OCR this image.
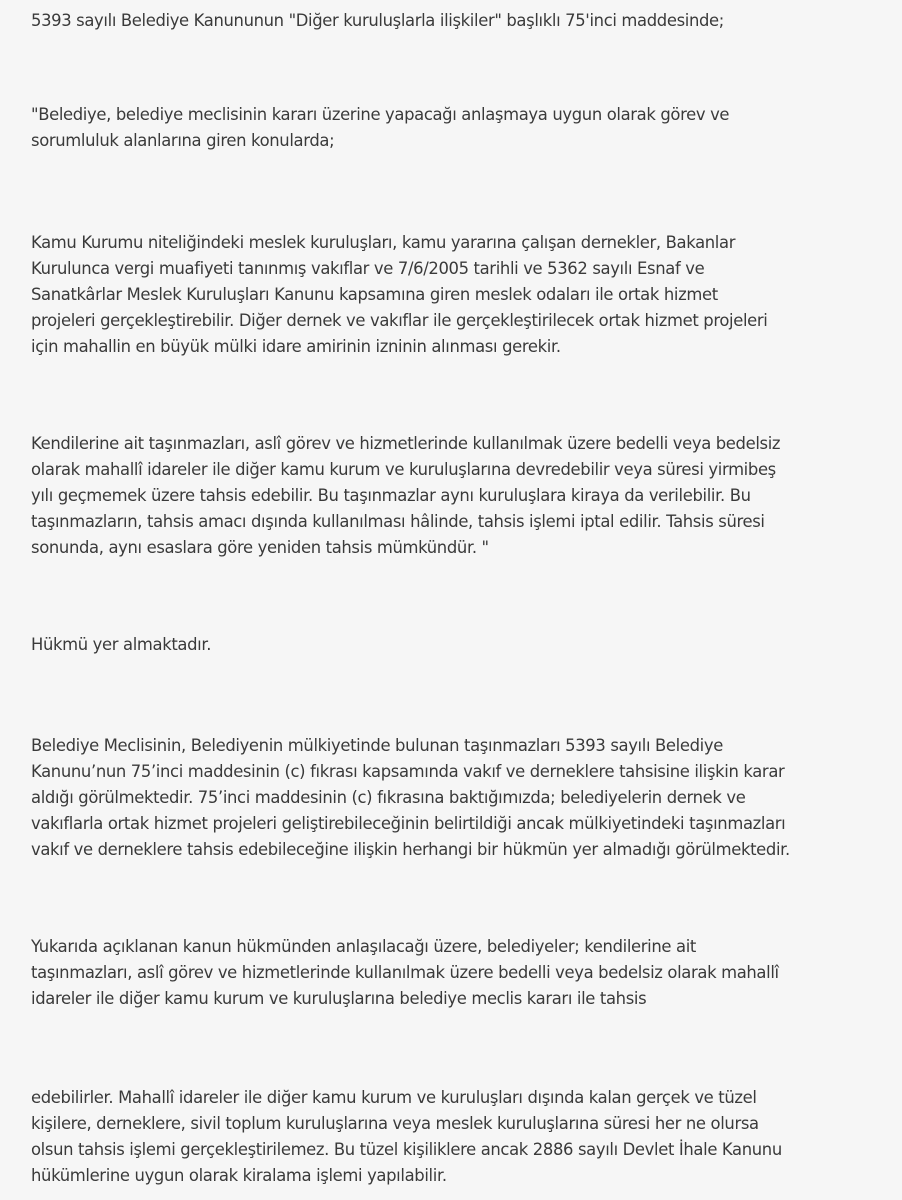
5393 sayılı Belediye Kanununun "Diğer kuruluşlarla ilişkiler" başlıklı 75'inci maddesinde;

"Belediye, belediye meclisinin kararı üzerine yapacağı anlaşmaya uygun olarak görev ve
sorumluluk alanlarına giren konularda;

Kamu Kurumu niteliğindeki meslek kuruluşları, kamu yararına çalışan dernekler, Bakanlar
Kurulunca vergi muafiyeti tanınmış vakıflar ve 7/6/2005 tarihli ve 5362 sayılı Esnaf ve
Sanatkârlar Meslek Kuruluşları Kanunu kapsamına giren meslek odaları ile ortak hizmet
projeleri gerçekleştirebilir. Diğer dernek ve vakıflar ile gerçekleştirilecek ortak hizmet projeleri
için mahallin en büyük mülki idare amirinin izninin alınması gerekir.

Kendilerine ait taşınmazları, aslî görev ve hizmetlerinde kullanılmak üzere bedelli veya bedelsiz
olarak mahallî idareler ile diğer kamu kurum ve kuruluşlarına devredebilir veya süresi yirmibeş
yılı geçmemek üzere tahsis edebilir. Bu taşınmazlar aynı kuruluşlara kiraya da verilebilir. Bu
taşınmazların, tahsis amacı dışında kullanılması hâlinde, tahsis işlemi iptal edilir. Tahsis süresi
sonunda, aynı esaslara göre yeniden tahsis mümkündür. "

Hükmü yer almaktadır.

Belediye Meclisinin, Belediyenin mülkiyetinde bulunan taşınmazları 5393 sayılı Belediye
Kanunu’nun 75’inci maddesinin (c) fıkrası kapsamında vakıf ve derneklere tahsisine ilişkin karar
aldığı görülmektedir. 75’inci maddesinin (c) fıkrasına baktığımızda; belediyelerin dernek ve
vakıflarla ortak hizmet projeleri geliştirebileceğinin belirtildiği ancak mülkiyetindeki taşınmazları
vakıf ve derneklere tahsis edebileceğine ilişkin herhangi bir hükmün yer almadığı görülmektedir.

Yukarıda açıklanan kanun hükmünden anlaşılacağı üzere, belediyeler; kendilerine ait
taşınmazları, aslî görev ve hizmetlerinde kullanılmak üzere bedelli veya bedelsiz olarak mahallî
idareler ile diğer kamu kurum ve kuruluşlarına belediye meclis kararı ile tahsis

edebilirler. Mahallî idareler ile diğer kamu kurum ve kuruluşları dışında kalan gerçek ve tüzel
kişilere, derneklere, sivil toplum kuruluşlarına veya meslek kuruluşlarına süresi her ne olursa
olsun tahsis işlemi gerçekleştirilemez. Bu tüzel kişiliklere ancak 2886 sayılı Devlet İhale Kanunu
hükümlerine uygun olarak kiralama işlemi yapılabilir.
